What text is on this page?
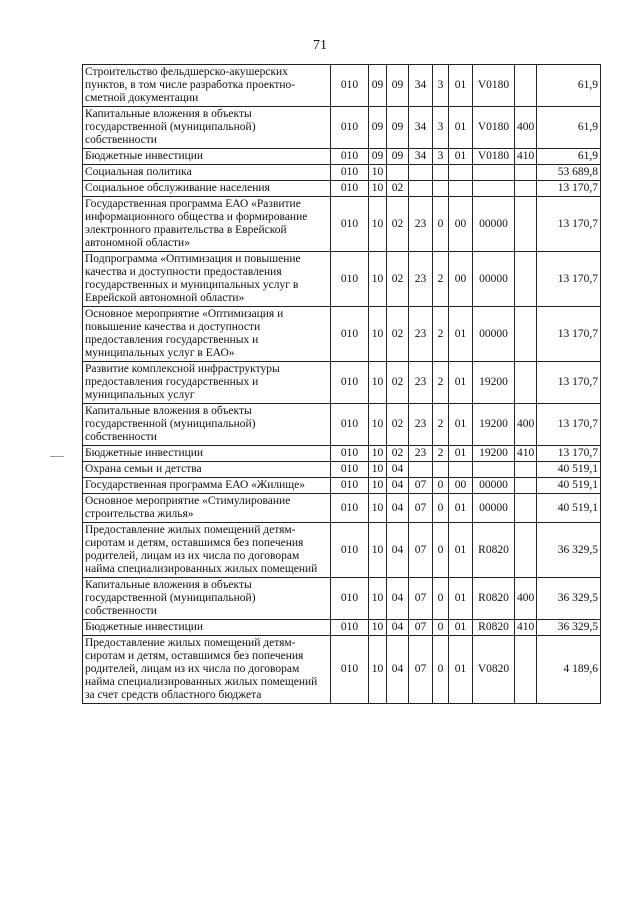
71
Строительство фельдшерско-акушерских пунктов, в том числе разработка проектно-сметной документации	010	09	09	34	3	01	V0180		61,9
Капитальные вложения в объекты государственной (муниципальной) собственности	010	09	09	34	3	01	V0180	400	61,9
Бюджетные инвестиции	010	09	09	34	3	01	V0180	410	61,9
Социальная политика	010	10							53 689,8
Социальное обслуживание населения	010	10	02						13 170,7
Государственная программа ЕАО «Развитие информационного общества и формирование электронного правительства в Еврейской автономной области»	010	10	02	23	0	00	00000		13 170,7
Подпрограмма «Оптимизация и повышение качества и доступности предоставления государственных и муниципальных услуг в Еврейской автономной области»	010	10	02	23	2	00	00000		13 170,7
Основное мероприятие «Оптимизация и повышение качества и доступности предоставления государственных и муниципальных услуг в ЕАО»	010	10	02	23	2	01	00000		13 170,7
Развитие комплексной инфраструктуры предоставления государственных и муниципальных услуг	010	10	02	23	2	01	19200		13 170,7
Капитальные вложения в объекты государственной (муниципальной) собственности	010	10	02	23	2	01	19200	400	13 170,7
Бюджетные инвестиции	010	10	02	23	2	01	19200	410	13 170,7
Охрана семьи и детства	010	10	04						40 519,1
Государственная программа ЕАО «Жилище»	010	10	04	07	0	00	00000		40 519,1
Основное мероприятие «Стимулирование строительства жилья»	010	10	04	07	0	01	00000		40 519,1
Предоставление жилых помещений детям-сиротам и детям, оставшимся без попечения родителей, лицам из их числа по договорам найма специализированных жилых помещений	010	10	04	07	0	01	R0820		36 329,5
Капитальные вложения в объекты государственной (муниципальной) собственности	010	10	04	07	0	01	R0820	400	36 329,5
Бюджетные инвестиции	010	10	04	07	0	01	R0820	410	36 329,5
Предоставление жилых помещений детям-сиротам и детям, оставшимся без попечения родителей, лицам из их числа по договорам найма специализированных жилых помещений за счет средств областного бюджета	010	10	04	07	0	01	V0820		4 189,6
